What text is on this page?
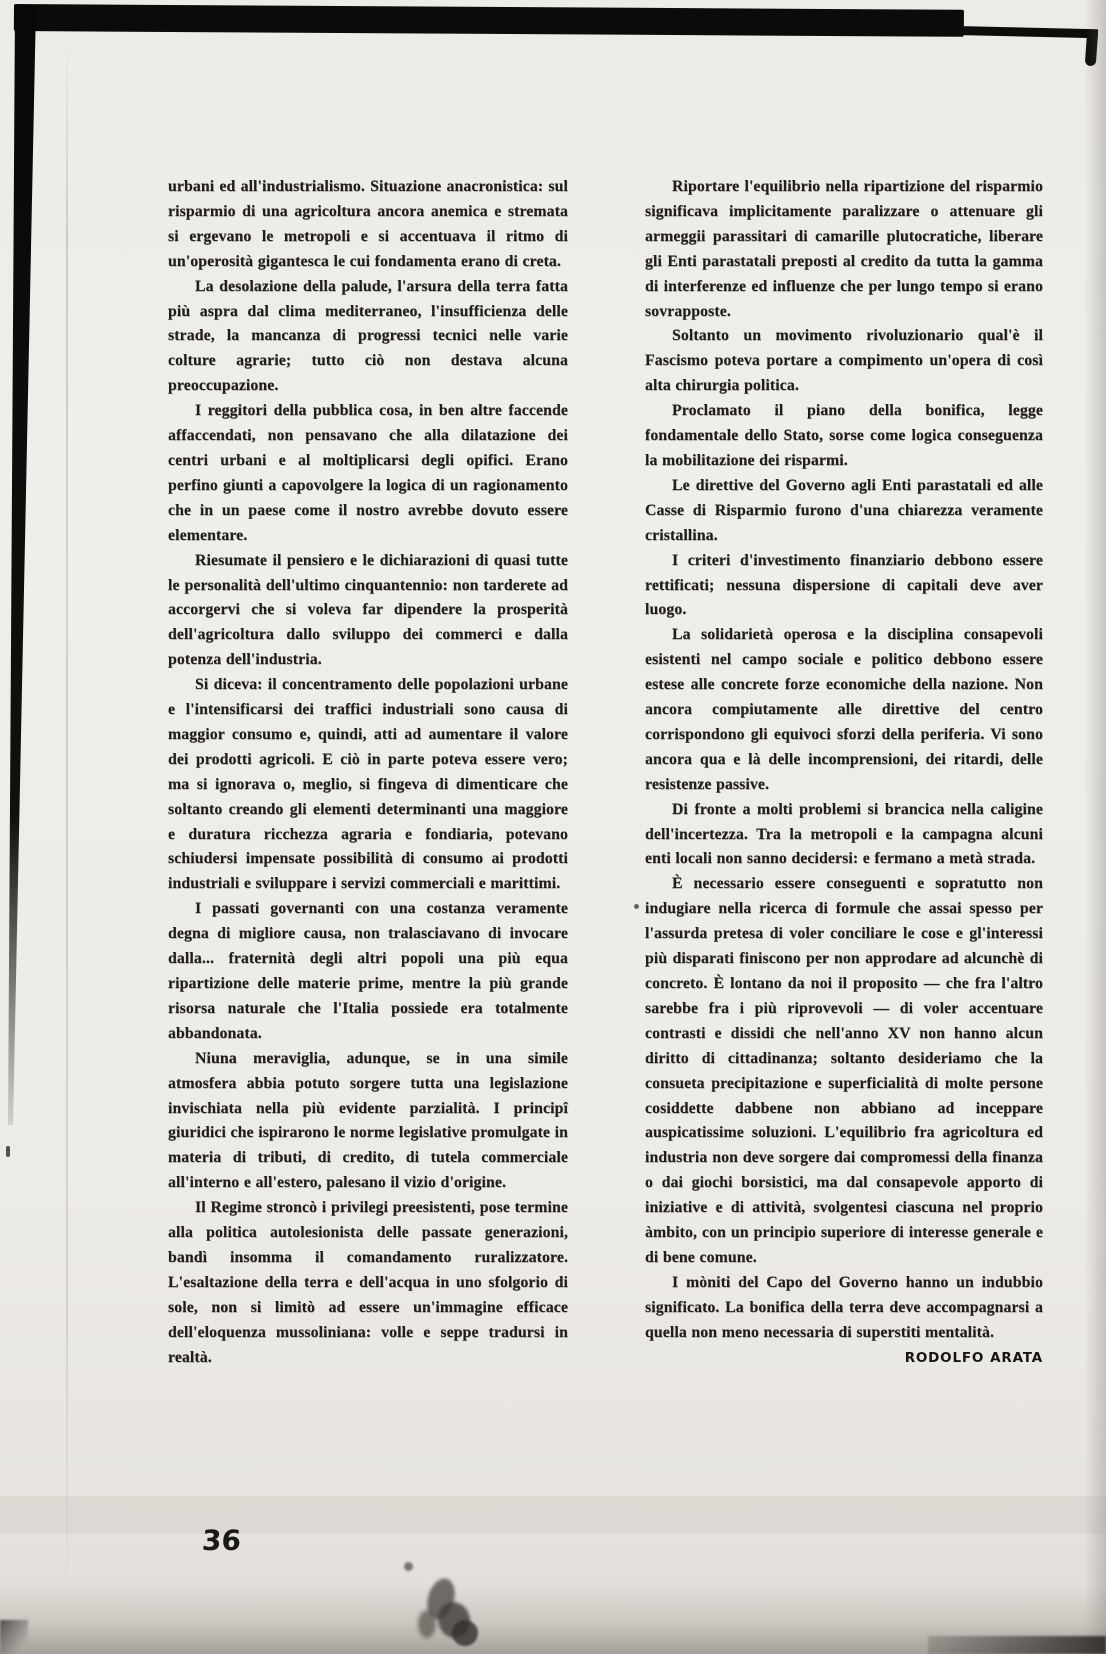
urbani ed all'industrialismo. Situazione anacronistica: sul risparmio di una agricoltura ancora anemica e stremata si ergevano le metropoli e si accentuava il ritmo di un'operosità gigantesca le cui fondamenta erano di creta.

La desolazione della palude, l'arsura della terra fatta più aspra dal clima mediterraneo, l'insufficienza delle strade, la mancanza di progressi tecnici nelle varie colture agrarie; tutto ciò non destava alcuna preoccupazione.

I reggitori della pubblica cosa, in ben altre faccende affaccendati, non pensavano che alla dilatazione dei centri urbani e al moltiplicarsi degli opifici. Erano perfino giunti a capovolgere la logica di un ragionamento che in un paese come il nostro avrebbe dovuto essere elementare.

Riesumate il pensiero e le dichiarazioni di quasi tutte le personalità dell'ultimo cinquantennio: non tarderete ad accorgervi che si voleva far dipendere la prosperità dell'agricoltura dallo sviluppo dei commerci e dalla potenza dell'industria.

Si diceva: il concentramento delle popolazioni urbane e l'intensificarsi dei traffici industriali sono causa di maggior consumo e, quindi, atti ad aumentare il valore dei prodotti agricoli. E ciò in parte poteva essere vero; ma si ignorava o, meglio, si fingeva di dimenticare che soltanto creando gli elementi determinanti una maggiore e duratura ricchezza agraria e fondiaria, potevano schiudersi impensate possibilità di consumo ai prodotti industriali e sviluppare i servizi commerciali e marittimi.

I passati governanti con una costanza veramente degna di migliore causa, non tralasciavano di invocare dalla... fraternità degli altri popoli una più equa ripartizione delle materie prime, mentre la più grande risorsa naturale che l'Italia possiede era totalmente abbandonata.

Niuna meraviglia, adunque, se in una simile atmosfera abbia potuto sorgere tutta una legislazione invischiata nella più evidente parzialità. I principî giuridici che ispirarono le norme legislative promulgate in materia di tributi, di credito, di tutela commerciale all'interno e all'estero, palesano il vizio d'origine.

Il Regime stroncò i privilegi preesistenti, pose termine alla politica autolesionista delle passate generazioni, bandì insomma il comandamento ruralizzatore. L'esaltazione della terra e dell'acqua in uno sfolgorio di sole, non si limitò ad essere un'immagine efficace dell'eloquenza mussoliniana: volle e seppe tradursi in realtà.

Riportare l'equilibrio nella ripartizione del risparmio significava implicitamente paralizzare o attenuare gli armeggii parassitari di camarille plutocratiche, liberare gli Enti parastatali preposti al credito da tutta la gamma di interferenze ed influenze che per lungo tempo si erano sovrapposte.

Soltanto un movimento rivoluzionario qual'è il Fascismo poteva portare a compimento un'opera di così alta chirurgia politica.

Proclamato il piano della bonifica, legge fondamentale dello Stato, sorse come logica conseguenza la mobilitazione dei risparmi.

Le direttive del Governo agli Enti parastatali ed alle Casse di Risparmio furono d'una chiarezza veramente cristallina.

I criteri d'investimento finanziario debbono essere rettificati; nessuna dispersione di capitali deve aver luogo.

La solidarietà operosa e la disciplina consapevoli esistenti nel campo sociale e politico debbono essere estese alle concrete forze economiche della nazione. Non ancora compiutamente alle direttive del centro corrispondono gli equivoci sforzi della periferia. Vi sono ancora qua e là delle incomprensioni, dei ritardi, delle resistenze passive.

Di fronte a molti problemi si brancica nella caligine dell'incertezza. Tra la metropoli e la campagna alcuni enti locali non sanno decidersi: e fermano a metà strada.

È necessario essere conseguenti e sopratutto non indugiare nella ricerca di formule che assai spesso per l'assurda pretesa di voler conciliare le cose e gl'interessi più disparati finiscono per non approdare ad alcunchè di concreto. È lontano da noi il proposito — che fra l'altro sarebbe fra i più riprovevoli — di voler accentuare contrasti e dissidi che nell'anno XV non hanno alcun diritto di cittadinanza; soltanto desideriamo che la consueta precipitazione e superficialità di molte persone cosiddette dabbene non abbiano ad inceppare auspicatissime soluzioni. L'equilibrio fra agricoltura ed industria non deve sorgere dai compromessi della finanza o dai giochi borsistici, ma dal consapevole apporto di iniziative e di attività, svolgentesi ciascuna nel proprio àmbito, con un principio superiore di interesse generale e di bene comune.

I mòniti del Capo del Governo hanno un indubbio significato. La bonifica della terra deve accompagnarsi a quella non meno necessaria di superstiti mentalità.

RODOLFO ARATA

36
